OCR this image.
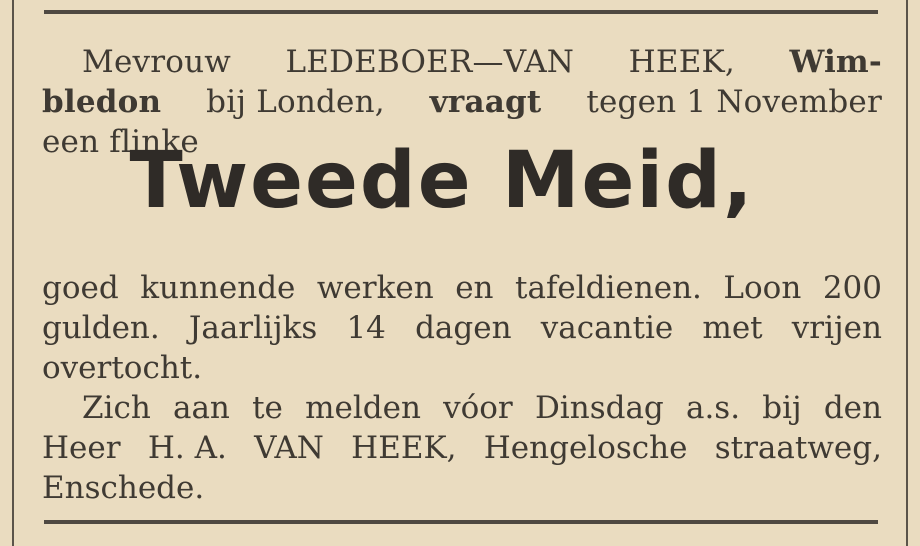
Mevrouw LEDEBOER—VAN HEEK, Wim-
bledon bij Londen, vraagt tegen 1 November
een flinke
Tweede Meid,
goed kunnende werken en tafeldienen. Loon 200
gulden. Jaarlijks 14 dagen vacantie met vrijen
overtocht.
Zich aan te melden vóor Dinsdag a.s. bij den
Heer H. A. VAN HEEK, Hengelosche straatweg,
Enschede.
